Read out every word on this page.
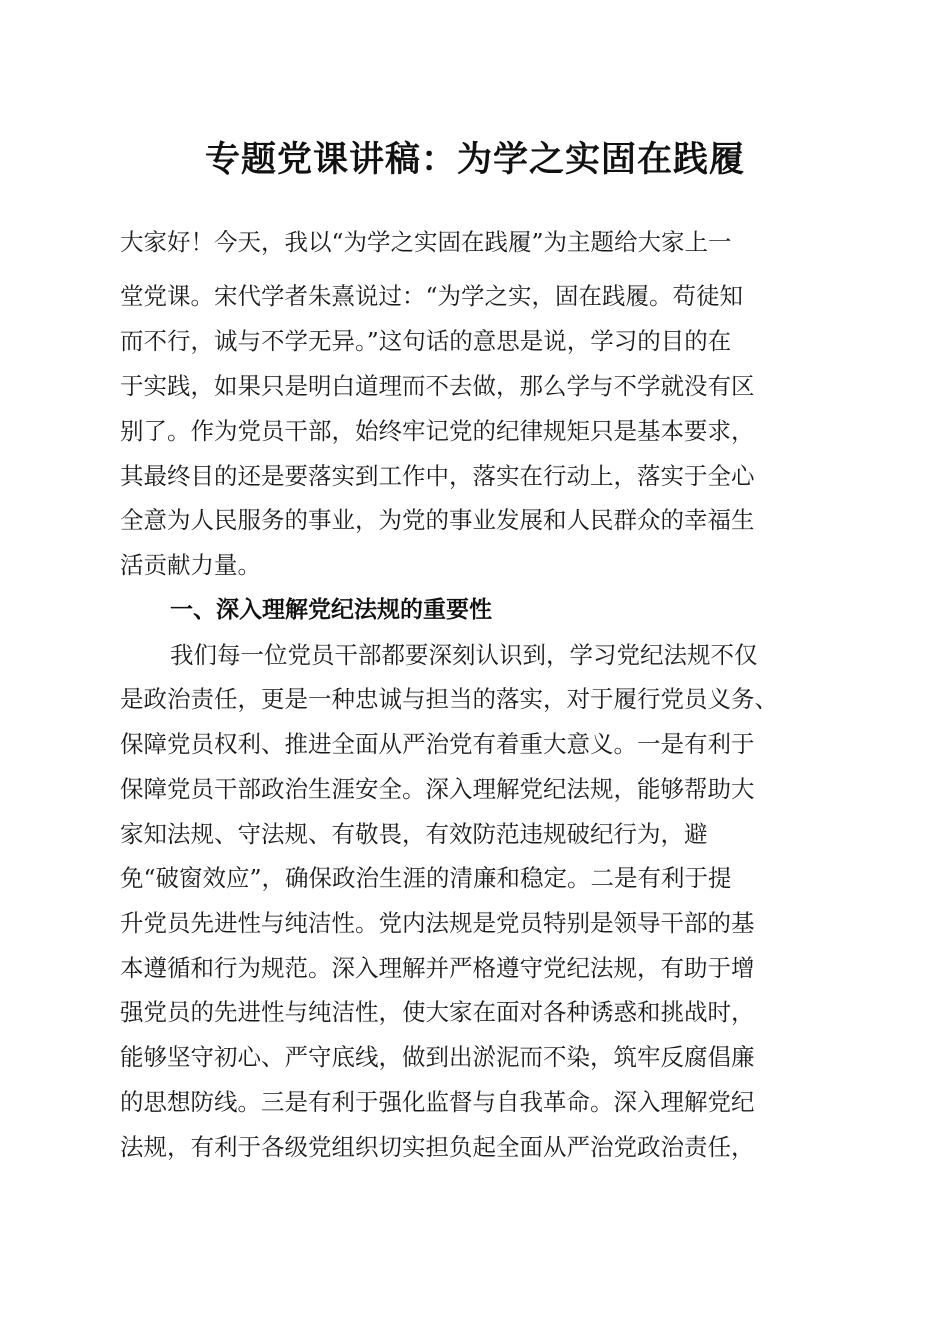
专题党课讲稿：为学之实固在践履
大家好！今天，我以“为学之实固在践履”为主题给大家上一
堂党课。宋代学者朱熹说过：“为学之实，固在践履。苟徒知
而不行，诚与不学无异。”这句话的意思是说，学习的目的在
于实践，如果只是明白道理而不去做，那么学与不学就没有区
别了。作为党员干部，始终牢记党的纪律规矩只是基本要求，
其最终目的还是要落实到工作中，落实在行动上，落实于全心
全意为人民服务的事业，为党的事业发展和人民群众的幸福生
活贡献力量。
一、深入理解党纪法规的重要性
我们每一位党员干部都要深刻认识到，学习党纪法规不仅
是政治责任，更是一种忠诚与担当的落实，对于履行党员义务、
保障党员权利、推进全面从严治党有着重大意义。一是有利于
保障党员干部政治生涯安全。深入理解党纪法规，能够帮助大
家知法规、守法规、有敬畏，有效防范违规破纪行为，避
免“破窗效应”，确保政治生涯的清廉和稳定。二是有利于提
升党员先进性与纯洁性。党内法规是党员特别是领导干部的基
本遵循和行为规范。深入理解并严格遵守党纪法规，有助于增
强党员的先进性与纯洁性，使大家在面对各种诱惑和挑战时，
能够坚守初心、严守底线，做到出淤泥而不染，筑牢反腐倡廉
的思想防线。三是有利于强化监督与自我革命。深入理解党纪
法规，有利于各级党组织切实担负起全面从严治党政治责任，
